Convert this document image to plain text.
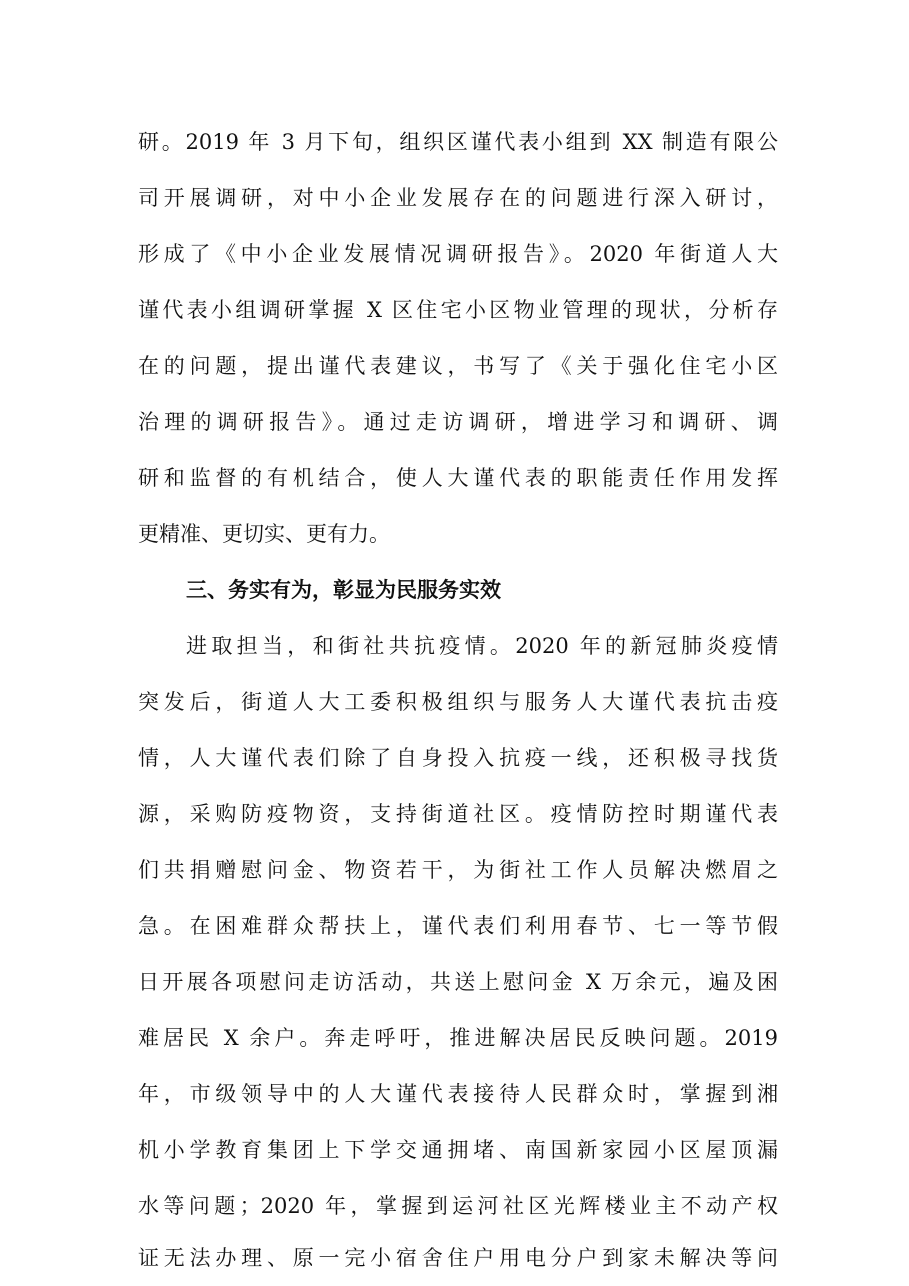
研。2019 年 3 月下旬，组织区谨代表小组到 XX 制造有限公
司开展调研，对中小企业发展存在的问题进行深入研讨，
形成了《中小企业发展情况调研报告》。2020 年街道人大
谨代表小组调研掌握 X 区住宅小区物业管理的现状，分析存
在的问题，提出谨代表建议，书写了《关于强化住宅小区
治理的调研报告》。通过走访调研，增进学习和调研、调
研和监督的有机结合，使人大谨代表的职能责任作用发挥
更精准、更切实、更有力。
三、务实有为，彰显为民服务实效
进取担当，和街社共抗疫情。2020 年的新冠肺炎疫情
突发后，街道人大工委积极组织与服务人大谨代表抗击疫
情，人大谨代表们除了自身投入抗疫一线，还积极寻找货
源，采购防疫物资，支持街道社区。疫情防控时期谨代表
们共捐赠慰问金、物资若干，为街社工作人员解决燃眉之
急。在困难群众帮扶上，谨代表们利用春节、七一等节假
日开展各项慰问走访活动，共送上慰问金 X 万余元，遍及困
难居民 X 余户。奔走呼吁，推进解决居民反映问题。2019
年，市级领导中的人大谨代表接待人民群众时，掌握到湘
机小学教育集团上下学交通拥堵、南国新家园小区屋顶漏
水等问题；2020 年，掌握到运河社区光辉楼业主不动产权
证无法办理、原一完小宿舍住户用电分户到家未解决等问
